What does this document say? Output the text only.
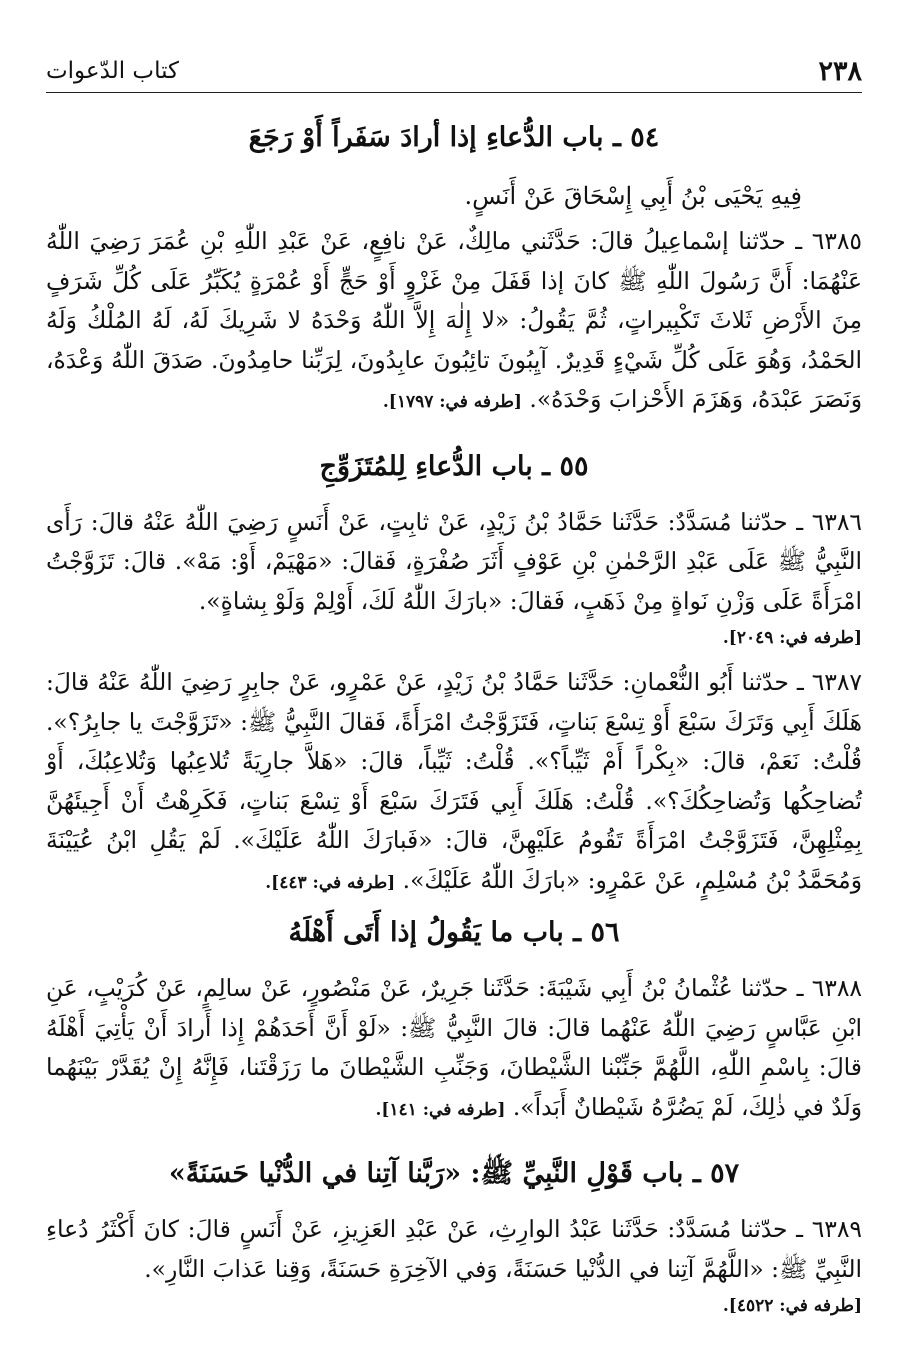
٢٣٨
كتاب الدّعوات
٥٤ ـ باب الدُّعاءِ إذا أرادَ سَفَراً أَوْ رَجَعَ
فِيهِ يَحْيَى بْنُ أَبِي إِسْحَاقَ عَنْ أَنَسٍ.

٦٣٨٥ ـ حدّثنا إسْماعِيلُ قالَ: حَدَّثَني مالِكٌ، عَنْ نافِعٍ، عَنْ عَبْدِ اللّٰهِ بْنِ عُمَرَ رَضِيَ اللّٰهُ عَنْهُمَا: أَنَّ رَسُولَ اللّٰهِ ﷺ كانَ إذا قَفَلَ مِنْ غَزْوٍ أَوْ حَجٍّ أَوْ عُمْرَةٍ يُكَبِّرُ عَلَى كُلِّ شَرَفٍ مِنَ الأَرْضِ ثَلاثَ تَكْبِيراتٍ، ثُمَّ يَقُولُ: «لا إِلٰهَ إِلاَّ اللّٰهُ وَحْدَهُ لا شَرِيكَ لَهُ، لَهُ المُلْكُ وَلَهُ الحَمْدُ، وَهُوَ عَلَى كُلِّ شَيْءٍ قَدِيرٌ. آيِبُونَ تائِبُونَ عابِدُونَ، لِرَبِّنا حامِدُونَ. صَدَقَ اللّٰهُ وَعْدَهُ، وَنَصَرَ عَبْدَهُ، وَهَزَمَ الأَحْزابَ وَحْدَهُ». [طرفه في: ١٧٩٧].

٥٥ ـ باب الدُّعاءِ لِلمُتَزَوِّجِ

٦٣٨٦ ـ حدّثنا مُسَدَّدٌ: حَدَّثَنا حَمَّادُ بْنُ زَيْدٍ، عَنْ ثابِتٍ، عَنْ أَنَسٍ رَضِيَ اللّٰهُ عَنْهُ قالَ: رَأَى النَّبِيُّ ﷺ عَلَى عَبْدِ الرَّحْمٰنِ بْنِ عَوْفٍ أَثَرَ صُفْرَةٍ، فَقالَ: «مَهْيَمْ، أَوْ: مَهْ». قالَ: تَزَوَّجْتُ امْرَأَةً عَلَى وَزْنِ نَواةٍ مِنْ ذَهَبٍ، فَقالَ: «بارَكَ اللّٰهُ لَكَ، أَوْلِمْ وَلَوْ بِشاةٍ».

[طرفه في: ٢٠٤٩].

٦٣٨٧ ـ حدّثنا أَبُو النُّعْمانِ: حَدَّثَنا حَمَّادُ بْنُ زَيْدٍ، عَنْ عَمْرٍو، عَنْ جابِرٍ رَضِيَ اللّٰهُ عَنْهُ قالَ: هَلَكَ أَبِي وَتَرَكَ سَبْعَ أَوْ تِسْعَ بَناتٍ، فَتَزَوَّجْتُ امْرَأَةً، فَقالَ النَّبِيُّ ﷺ: «تَزَوَّجْتَ يا جابِرُ؟». قُلْتُ: نَعَمْ، قالَ: «بِكْراً أَمْ ثَيِّباً؟». قُلْتُ: ثَيِّباً، قالَ: «هَلاَّ جارِيَةً تُلاعِبُها وَتُلاعِبُكَ، أَوْ تُضاحِكُها وَتُضاحِكُكَ؟». قُلْتُ: هَلَكَ أَبِي فَتَرَكَ سَبْعَ أَوْ تِسْعَ بَناتٍ، فَكَرِهْتُ أَنْ أَجِيئَهُنَّ بِمِثْلِهِنَّ، فَتَزَوَّجْتُ امْرَأَةً تَقُومُ عَلَيْهِنَّ، قالَ: «فَبارَكَ اللّٰهُ عَلَيْكَ». لَمْ يَقُلِ ابْنُ عُيَيْنَةَ وَمُحَمَّدُ بْنُ مُسْلِمٍ، عَنْ عَمْرٍو: «بارَكَ اللّٰهُ عَلَيْكَ». [طرفه في: ٤٤٣].

٥٦ ـ باب ما يَقُولُ إذا أَتَى أَهْلَهُ

٦٣٨٨ ـ حدّثنا عُثْمانُ بْنُ أَبِي شَيْبَةَ: حَدَّثَنا جَرِيرٌ، عَنْ مَنْصُورٍ، عَنْ سالِمٍ، عَنْ كُرَيْبٍ، عَنِ ابْنِ عَبَّاسٍ رَضِيَ اللّٰهُ عَنْهُما قالَ: قالَ النَّبِيُّ ﷺ: «لَوْ أَنَّ أَحَدَهُمْ إِذا أَرادَ أَنْ يَأْتِيَ أَهْلَهُ قالَ: بِاسْمِ اللّٰهِ، اللَّهُمَّ جَنِّبْنا الشَّيْطانَ، وَجَنِّبِ الشَّيْطانَ ما رَزَقْتَنا، فَإِنَّهُ إِنْ يُقَدَّرْ بَيْنَهُما وَلَدٌ في ذٰلِكَ، لَمْ يَضُرَّهُ شَيْطانٌ أَبَداً». [طرفه في: ١٤١].

٥٧ ـ باب قَوْلِ النَّبِيِّ ﷺ: «رَبَّنا آتِنا في الدُّنْيا حَسَنَةً»

٦٣٨٩ ـ حدّثنا مُسَدَّدٌ: حَدَّثَنا عَبْدُ الوارِثِ، عَنْ عَبْدِ العَزِيزِ، عَنْ أَنَسٍ قالَ: كانَ أَكْثَرُ دُعاءِ النَّبِيِّ ﷺ: «اللَّهُمَّ آتِنا في الدُّنْيا حَسَنَةً، وَفي الآخِرَةِ حَسَنَةً، وَقِنا عَذابَ النَّارِ».

[طرفه في: ٤٥٢٢].
